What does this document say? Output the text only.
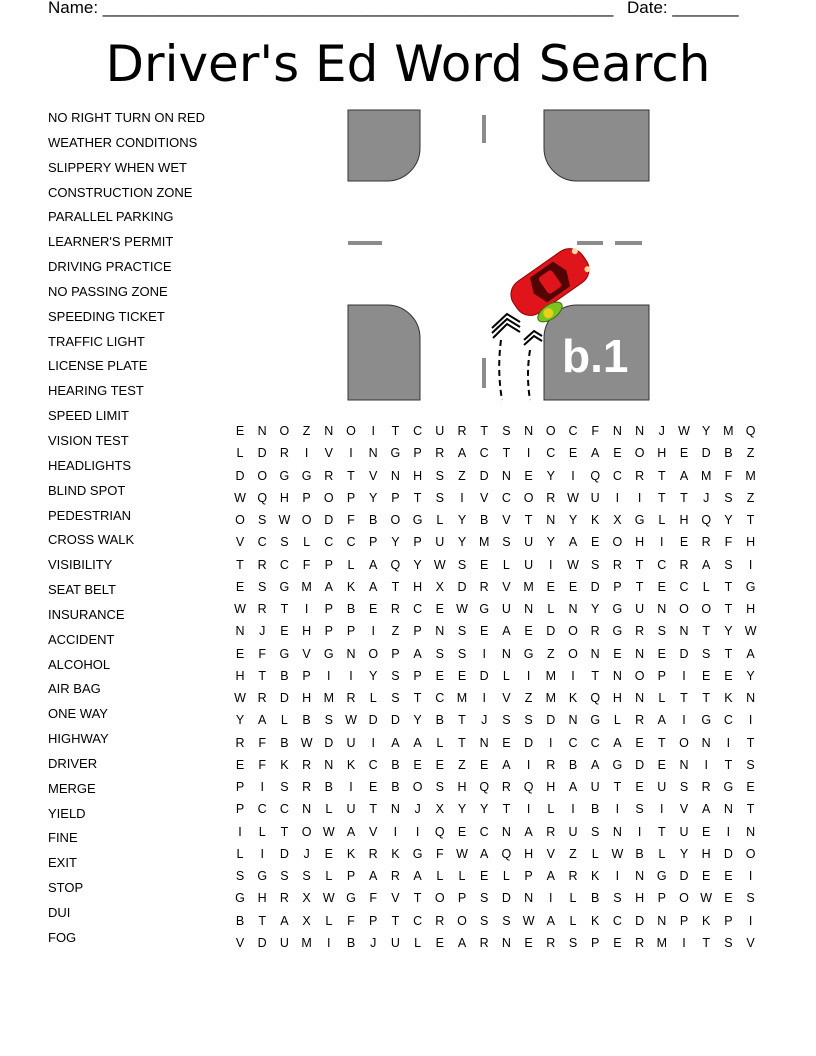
Name: ______________________________________________________ Date: _______
Driver's Ed Word Search
NO RIGHT TURN ON RED
WEATHER CONDITIONS
SLIPPERY WHEN WET
CONSTRUCTION ZONE
PARALLEL PARKING
LEARNER'S PERMIT
DRIVING PRACTICE
NO PASSING ZONE
SPEEDING TICKET
TRAFFIC LIGHT
LICENSE PLATE
HEARING TEST
SPEED LIMIT
VISION TEST
HEADLIGHTS
BLIND SPOT
PEDESTRIAN
CROSS WALK
VISIBILITY
SEAT BELT
INSURANCE
ACCIDENT
ALCOHOL
AIR BAG
ONE WAY
HIGHWAY
DRIVER
MERGE
YIELD
FINE
EXIT
STOP
DUI
FOG
b.1
E	N	O	Z	N	O	I	T	C	U	R	T	S	N	O	C	F	N	N	J	W Y	M Q
L	D	R	I	V	I	N	G	P	R	A	C	T	I	C	E	A	E	O	H	E	D	B	Z
D	O G G	R	T	V	N	H	S	Z	D	N	E	Y	I	Q	C	R	T	A	M	F	M
W Q	H	P	O	P	Y	P	T	S	I	V	C	O	R W U	I	I	T	T	J	S	Z
O	S W O	D	F	B	O G	L	Y	B	V	T	N	Y	K	X	G	L	H	Q	Y	T
V	C	S	L	C	C	P	Y	P	U	Y	M	S	U	Y	A	E	O	H	I	E	R	F	H
T	R	C	F	P	L	A	Q	Y W S	E	L	U	I	W S	R	T	C	R	A	S	I
E	S	G M	A	K	A	T	H	X	D	R	V	M	E	E	D	P	T	E	C	L	T	G
W R	T	I	P	B	E	R	C	E W G	U	N	L	N	Y	G	U	N	O O	T	H
N	J	E	H	P	P	I	Z	P	N	S	E	A	E	D	O	R	G	R	S	N	T	Y W
E	F	G	V	G	N	O	P	A	S	S	I	N	G	Z	O	N	E	N	E	D	S	T	A
H	T	B	P	I	I	Y	S	P	E	E	D	L	I	M	I	T	N	O	P	I	E	E	Y
W R	D	H M R	L	S	T	C M	I	V	Z	M	K	Q	H	N	L	T	T	K	N
Y	A	L	B	S W D	D	Y	B	T	J	S	S	D	N	G	L	R	A	I	G	C	I
R	F	B W D	U	I	A	A	L	T	N	E	D	I	C	C	A	E	T	O	N	I	T
E	F	K	R	N	K	C	B	E	E	Z	E	A	I	R	B	A	G	D	E	N	I	T	S
P	I	S	R	B	I	E	B	O	S	H	Q	R	Q	H	A	U	T	E	U	S	R	G	E
P	C	C	N	L	U	T	N	J	X	Y	Y	T	I	L	I	B	I	S	I	V	A	N	T
I	L	T	O W A	V	I	I	Q	E	C	N	A	R	U	S	N	I	T	U	E	I	N
L	I	D	J	E	K	R	K	G	F W A	Q	H	V	Z	L	W B	L	Y	H	D	O
S	G	S	S	L	P	A	R	A	L	L	E	L	P	A	R	K	I	N	G	D	E	E	I
G	H	R	X W G	F	V	T	O	P	S	D	N	I	L	B	S	H	P	O W E	S
B	T	A	X	L	F	P	T	C	R	O	S	S W A	L	K	C	D	N	P	K	P	I
V	D	U M	I	B	J	U	L	E	A	R	N	E	R	S	P	E	R M	I	T	S	V
